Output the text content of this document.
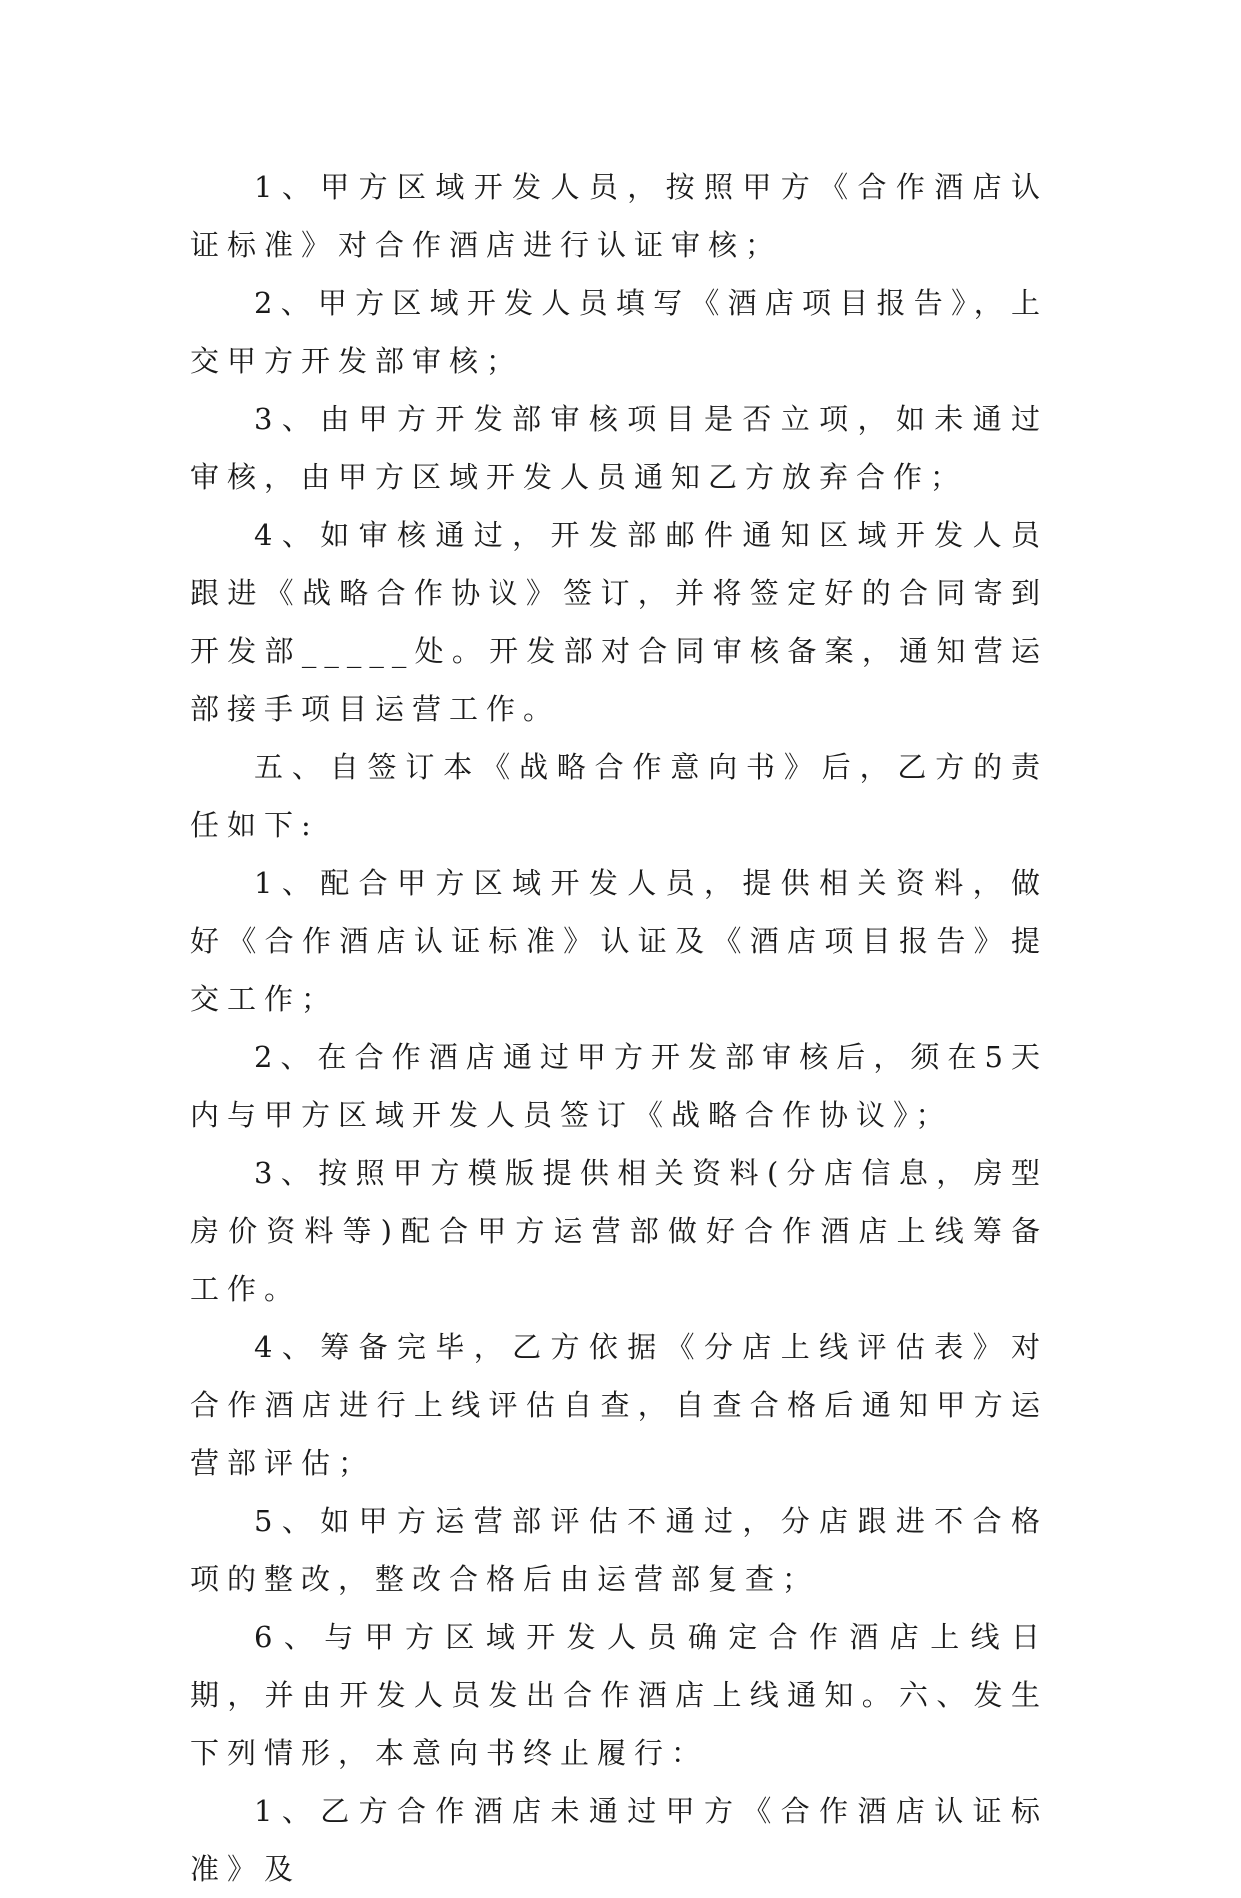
1、甲方区域开发人员，按照甲方《合作酒店认证标准》对合作酒店进行认证审核；

2、甲方区域开发人员填写《酒店项目报告》，上交甲方开发部审核；

3、由甲方开发部审核项目是否立项，如未通过审核，由甲方区域开发人员通知乙方放弃合作；

4、如审核通过，开发部邮件通知区域开发人员跟进《战略合作协议》签订，并将签定好的合同寄到开发部_____处。开发部对合同审核备案，通知营运部接手项目运营工作。

五、自签订本《战略合作意向书》后，乙方的责任如下:

1、配合甲方区域开发人员，提供相关资料，做好《合作酒店认证标准》认证及《酒店项目报告》提交工作；

2、在合作酒店通过甲方开发部审核后，须在5天内与甲方区域开发人员签订《战略合作协议》；

3、按照甲方模版提供相关资料(分店信息，房型房价资料等)配合甲方运营部做好合作酒店上线筹备工作。

4、筹备完毕，乙方依据《分店上线评估表》对合作酒店进行上线评估自查，自查合格后通知甲方运营部评估；

5、如甲方运营部评估不通过，分店跟进不合格项的整改，整改合格后由运营部复查；

6、与甲方区域开发人员确定合作酒店上线日期，并由开发人员发出合作酒店上线通知。六、发生下列情形，本意向书终止履行：

1、乙方合作酒店未通过甲方《合作酒店认证标准》及
